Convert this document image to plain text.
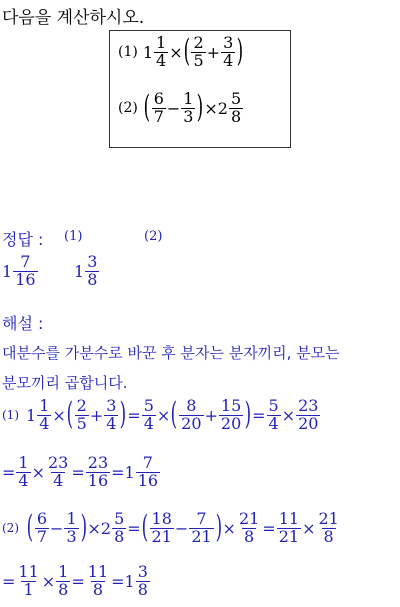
다음을 계산하시오.
(1) $1 \frac{1}{4}$ × ( $\frac{2}{5} + \frac{3}{4}$ )
(2) ( $\frac{6}{7} - \frac{1}{3}$ ) × $2 \frac{5}{8}$
정답 : (1)	(2)
$1 \frac{7}{16} 1 \frac{3}{8}$
해설 :
대분수를 가분수로 바꾼 후 분자는 분자끼리, 분모는
분모끼리 곱합니다.
(1) $1 \frac{1}{4}$ × ( $\frac{2}{5} + \frac{3}{4}$ ) = $\frac{5}{4}$ × ( $\frac{8}{20} + \frac{15}{20}$ ) = $\frac{5}{4} \times \frac{23}{20}$
= $\frac{1}{4} \times \frac{23}{4} = \frac{23}{16} = 1 \frac{7}{16}$
(2) ( $\frac{6}{7} - \frac{1}{3}$ ) × $2 \frac{5}{8}$ = ( $\frac{18}{21} - \frac{7}{21}$ ) × $\frac{21}{8} = \frac{11}{21} \times \frac{21}{8}$
= $\frac{11}{1} \times \frac{1}{8} = \frac{11}{8} = 1 \frac{3}{8}$
